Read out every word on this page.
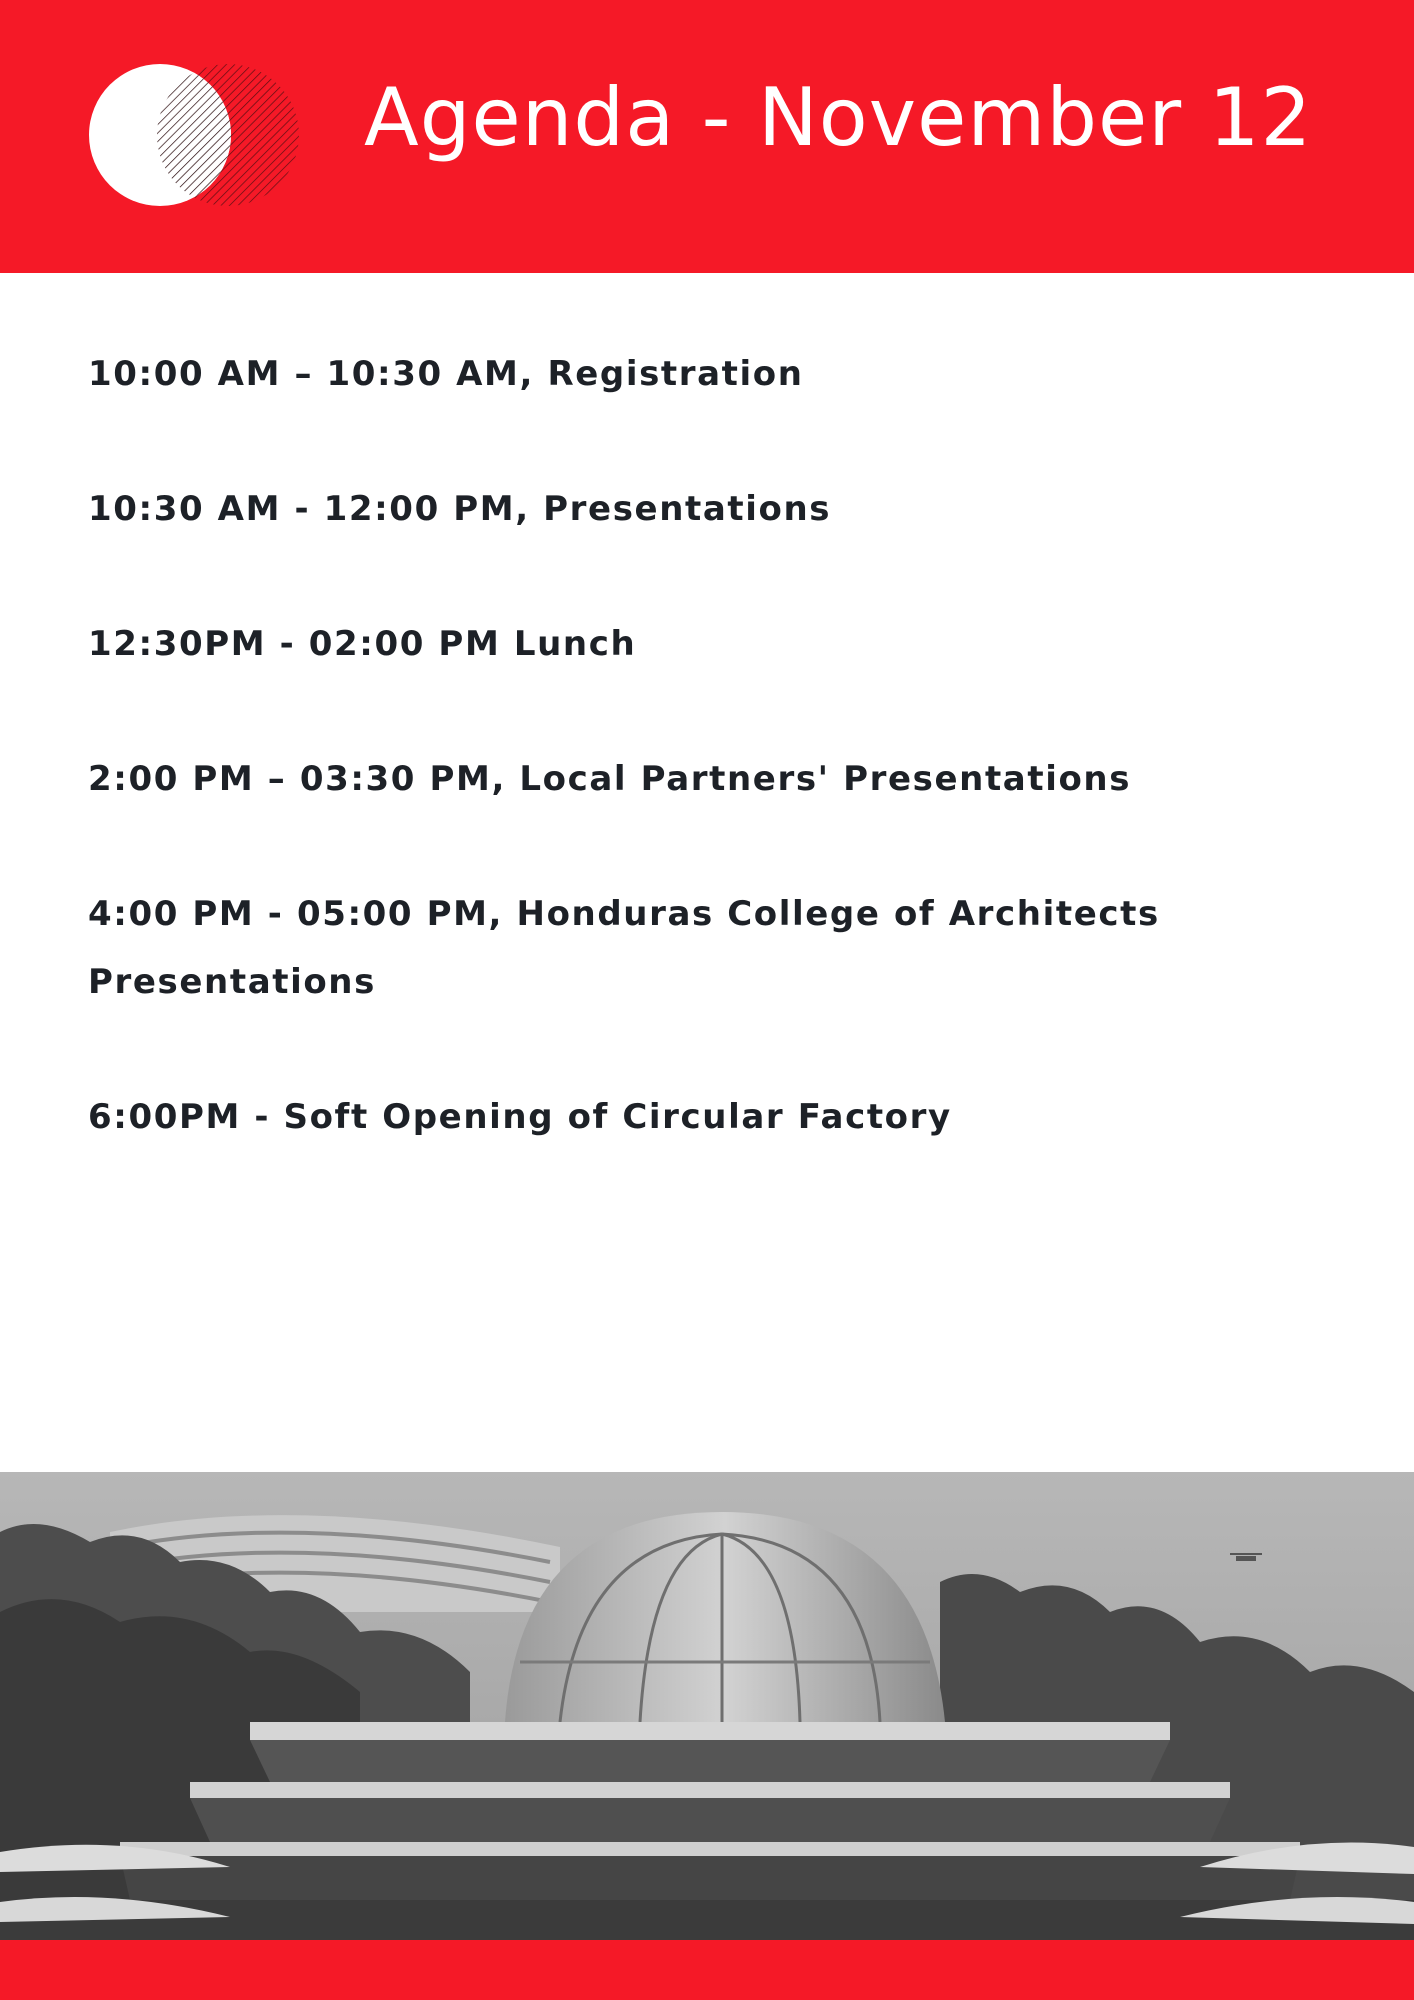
Agenda - November 12
10:00 AM – 10:30 AM, Registration
10:30 AM - 12:00 PM, Presentations
12:30PM - 02:00 PM Lunch
2:00 PM – 03:30 PM, Local Partners' Presentations
4:00 PM - 05:00 PM, Honduras College of Architects Presentations
6:00PM - Soft Opening of Circular Factory
